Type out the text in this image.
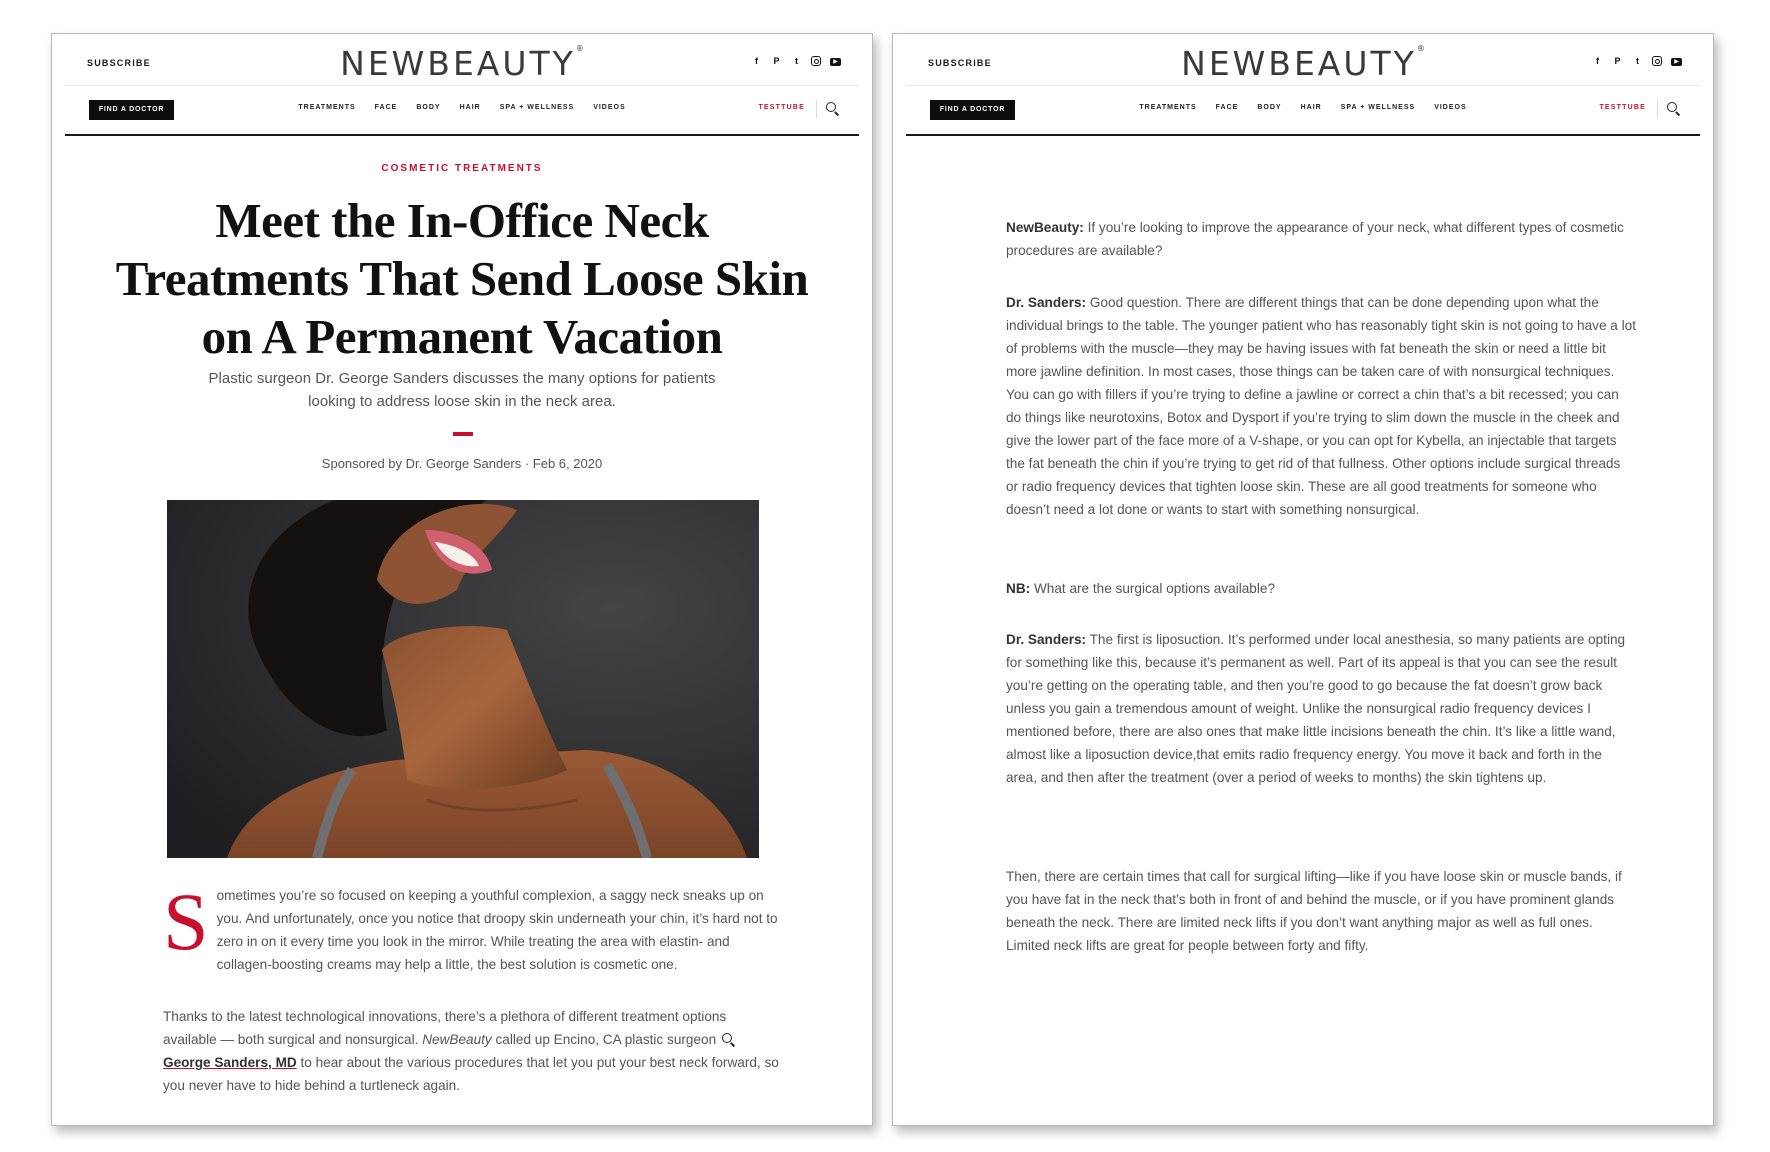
SUBSCRIBE	NEWBEAUTY®
f	P	t	▶
FIND A DOCTOR	TREATMENTS	FACE	BODY	HAIR	SPA + WELLNESS	VIDEOS	TESTTUBE
COSMETIC TREATMENTS
Meet the In-Office Neck Treatments That Send Loose Skin on A Permanent Vacation

Plastic surgeon Dr. George Sanders discusses the many options for patients looking to address loose skin in the neck area.

Sponsored by Dr. George Sanders · Feb 6, 2020
Sometimes you’re so focused on keeping a youthful complexion, a saggy neck sneaks up on you. And unfortunately, once you notice that droopy skin underneath your chin, it’s hard not to zero in on it every time you look in the mirror. While treating the area with elastin- and collagen-boosting creams may help a little, the best solution is cosmetic one.
Thanks to the latest technological innovations, there’s a plethora of different treatment options available — both surgical and nonsurgical. NewBeauty called up Encino, CA plastic surgeon

George Sanders, MD to hear about the various procedures that let you put your best neck forward, so you never have to hide behind a turtleneck again.
SUBSCRIBE	NEWBEAUTY®
f	P	t	▶
FIND A DOCTOR	TREATMENTS	FACE	BODY	HAIR	SPA + WELLNESS	VIDEOS	TESTTUBE

NewBeauty: If you’re looking to improve the appearance of your neck, what different types of cosmetic procedures are available?

Dr. Sanders: Good question. There are different things that can be done depending upon what the individual brings to the table. The younger patient who has reasonably tight skin is not going to have a lot of problems with the muscle—they may be having issues with fat beneath the skin or need a little bit more jawline definition. In most cases, those things can be taken care of with nonsurgical techniques. You can go with fillers if you’re trying to define a jawline or correct a chin that’s a bit recessed; you can do things like neurotoxins, Botox and Dysport if you’re trying to slim down the muscle in the cheek and give the lower part of the face more of a V-shape, or you can opt for Kybella, an injectable that targets the fat beneath the chin if you’re trying to get rid of that fullness. Other options include surgical threads or radio frequency devices that tighten loose skin. These are all good treatments for someone who doesn’t need a lot done or wants to start with something nonsurgical.

NB: What are the surgical options available?

Dr. Sanders: The first is liposuction. It’s performed under local anesthesia, so many patients are opting for something like this, because it’s permanent as well. Part of its appeal is that you can see the result you’re getting on the operating table, and then you’re good to go because the fat doesn’t grow back unless you gain a tremendous amount of weight. Unlike the nonsurgical radio frequency devices I mentioned before, there are also ones that make little incisions beneath the chin. It’s like a little wand, almost like a liposuction device,that emits radio frequency energy. You move it back and forth in the area, and then after the treatment (over a period of weeks to months) the skin tightens up.

Then, there are certain times that call for surgical lifting—like if you have loose skin or muscle bands, if you have fat in the neck that’s both in front of and behind the muscle, or if you have prominent glands beneath the neck. There are limited neck lifts if you don’t want anything major as well as full ones. Limited neck lifts are great for people between forty and fifty.
